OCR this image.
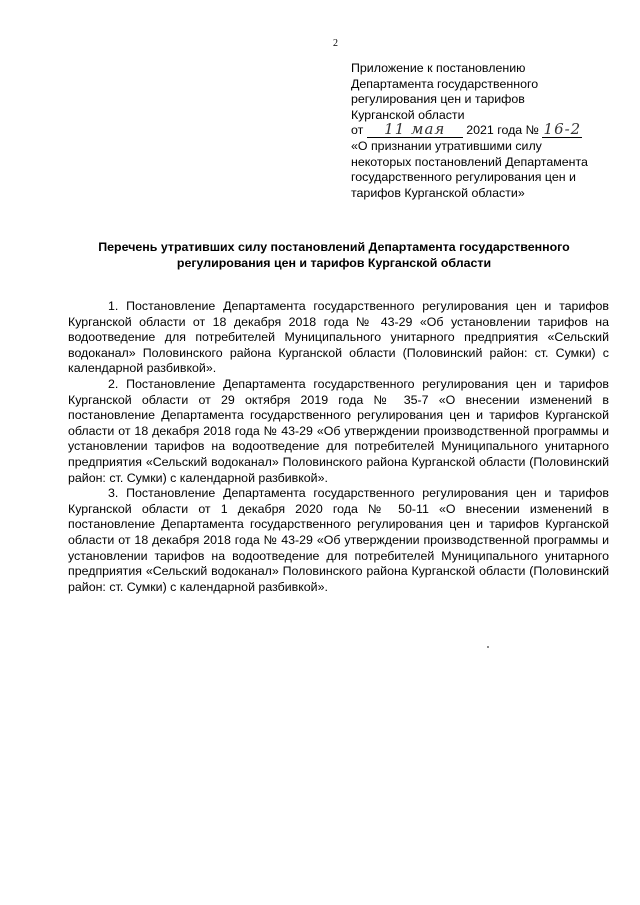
2
Приложение к постановлению
Департамента государственного
регулирования цен и тарифов
Курганской области
от 11 мая 2021 года № 16-2
«О признании утратившими силу
некоторых постановлений Департамента
государственного регулирования цен и
тарифов Курганской области»
Перечень утративших силу постановлений Департамента государственного
регулирования цен и тарифов Курганской области

1. Постановление Департамента государственного регулирования цен и тарифов Курганской области от 18 декабря 2018 года № 43-29 «Об установлении тарифов на водоотведение для потребителей Муниципального унитарного предприятия «Сельский водоканал» Половинского района Курганской области (Половинский район: ст. Сумки) с календарной разбивкой».

2. Постановление Департамента государственного регулирования цен и тарифов Курганской области от 29 октября 2019 года № 35-7 «О внесении изменений в постановление Департамента государственного регулирования цен и тарифов Курганской области от 18 декабря 2018 года № 43-29 «Об утверждении производственной программы и установлении тарифов на водоотведение для потребителей Муниципального унитарного предприятия «Сельский водоканал» Половинского района Курганской области (Половинский район: ст. Сумки) с календарной разбивкой».

3. Постановление Департамента государственного регулирования цен и тарифов Курганской области от 1 декабря 2020 года № 50-11 «О внесении изменений в постановление Департамента государственного регулирования цен и тарифов Курганской области от 18 декабря 2018 года № 43-29 «Об утверждении производственной программы и установлении тарифов на водоотведение для потребителей Муниципального унитарного предприятия «Сельский водоканал» Половинского района Курганской области (Половинский район: ст. Сумки) с календарной разбивкой».
